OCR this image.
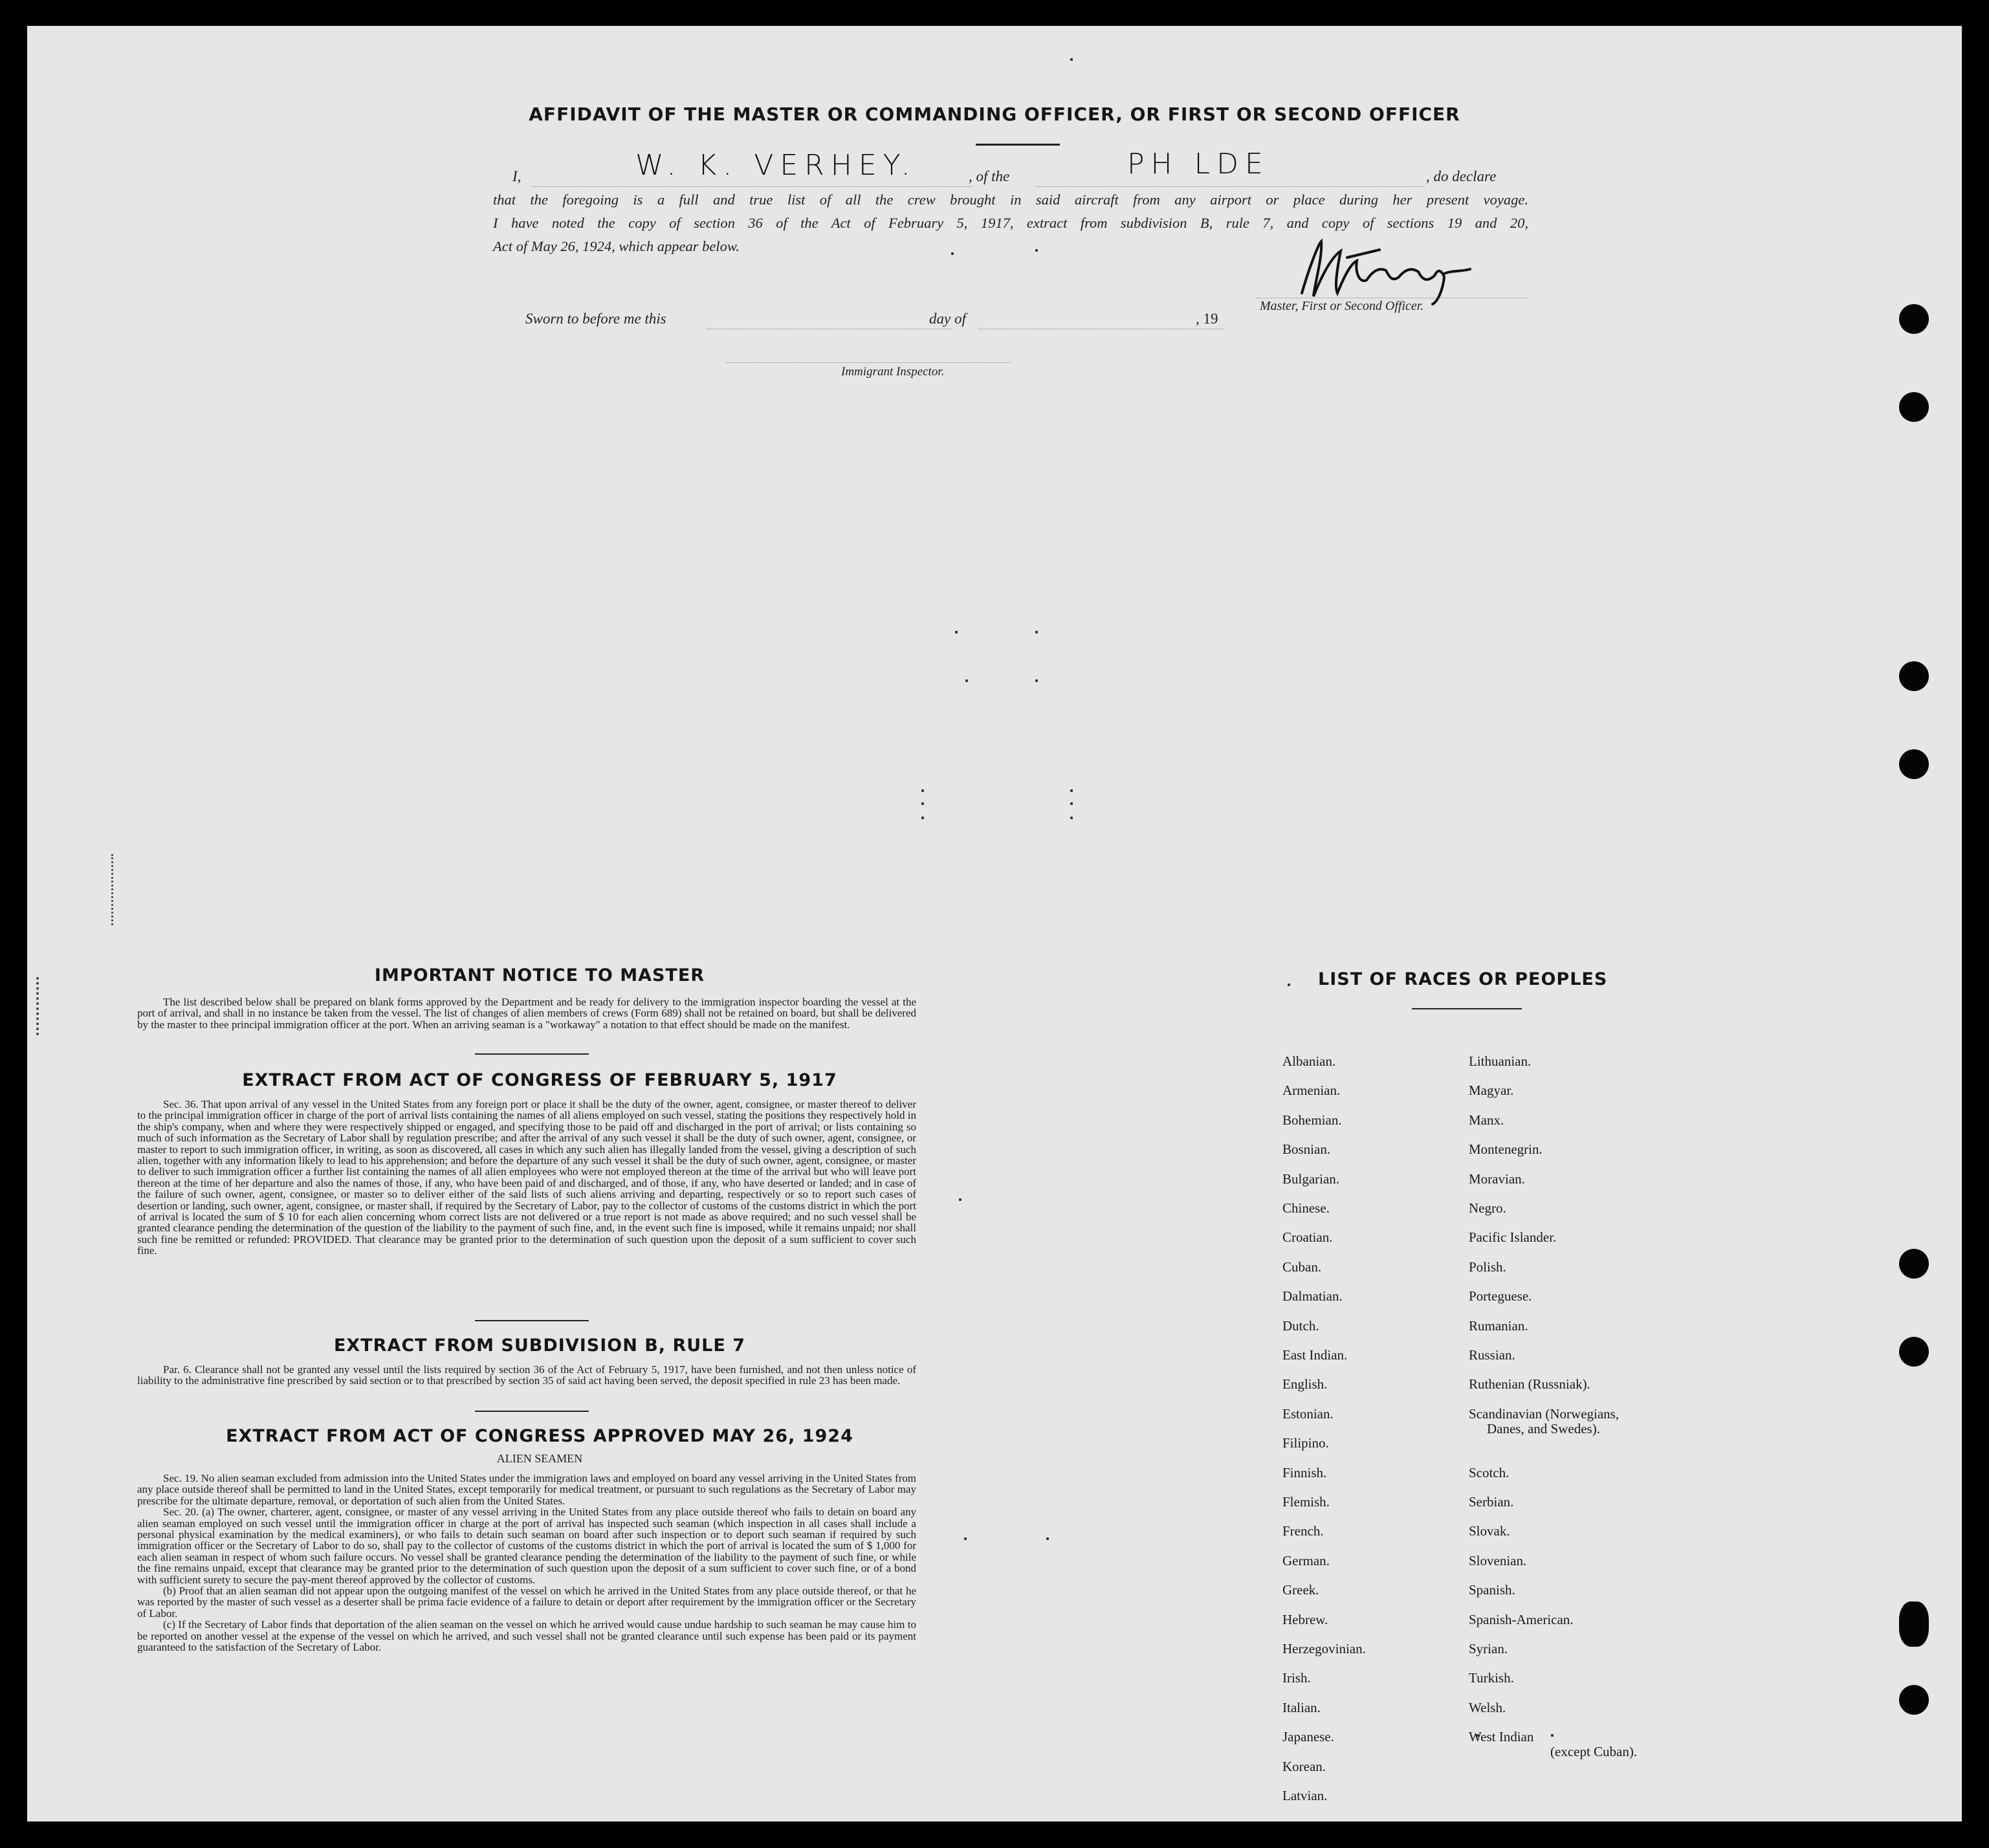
AFFIDAVIT OF THE MASTER OR COMMANDING OFFICER, OR FIRST OR SECOND OFFICER
I,	W. K. VERHEY.	, of the	PH LDE	, do declare
that the foregoing is a full and true list of all the crew brought in said aircraft from any airport or place during her present voyage.
I have noted the copy of section 36 of the Act of February 5, 1917, extract from subdivision B, rule 7, and copy of sections 19 and 20,
Act of May 26, 1924, which appear below.
Master, First or Second Officer.
Sworn to before me this	day of	, 19
Immigrant Inspector.
IMPORTANT NOTICE TO MASTER

The list described below shall be prepared on blank forms approved by the Department and be ready for delivery to the immigration inspector boarding the vessel at the port of arrival, and shall in no instance be taken from the vessel. The list of changes of alien members of crews (Form 689) shall not be retained on board, but shall be delivered by the master to thee principal immigration officer at the port. When an arriving seaman is a "workaway" a notation to that effect should be made on the manifest.

EXTRACT FROM ACT OF CONGRESS OF FEBRUARY 5, 1917

Sec. 36. That upon arrival of any vessel in the United States from any foreign port or place it shall be the duty of the owner, agent, consignee, or master thereof to deliver to the principal immigration officer in charge of the port of arrival lists containing the names of all aliens employed on such vessel, stating the positions they respectively hold in the ship's company, when and where they were respectively shipped or engaged, and specifying those to be paid off and discharged in the port of arrival; or lists containing so much of such information as the Secretary of Labor shall by regulation prescribe; and after the arrival of any such vessel it shall be the duty of such owner, agent, consignee, or master to report to such immigration officer, in writing, as soon as discovered, all cases in which any such alien has illegally landed from the vessel, giving a description of such alien, together with any information likely to lead to his apprehension; and before the departure of any such vessel it shall be the duty of such owner, agent, consignee, or master to deliver to such immigration officer a further list containing the names of all alien employees who were not employed thereon at the time of the arrival but who will leave port thereon at the time of her departure and also the names of those, if any, who have been paid of and discharged, and of those, if any, who have deserted or landed; and in case of the failure of such owner, agent, consignee, or master so to deliver either of the said lists of such aliens arriving and departing, respectively or so to report such cases of desertion or landing, such owner, agent, consignee, or master shall, if required by the Secretary of Labor, pay to the collector of customs of the customs district in which the port of arrival is located the sum of $ 10 for each alien concerning whom correct lists are not delivered or a true report is not made as above required; and no such vessel shall be granted clearance pending the determination of the question of the liability to the payment of such fine, and, in the event such fine is imposed, while it remains unpaid; nor shall such fine be remitted or refunded: PROVIDED. That clearance may be granted prior to the determination of such question upon the deposit of a sum sufficient to cover such fine.

EXTRACT FROM SUBDIVISION B, RULE 7

Par. 6. Clearance shall not be granted any vessel until the lists required by section 36 of the Act of February 5, 1917, have been furnished, and not then unless notice of liability to the administrative fine prescribed by said section or to that prescribed by section 35 of said act having been served, the deposit specified in rule 23 has been made.

EXTRACT FROM ACT OF CONGRESS APPROVED MAY 26, 1924
ALIEN SEAMEN

Sec. 19. No alien seaman excluded from admission into the United States under the immigration laws and employed on board any vessel arriving in the United States from any place outside thereof shall be permitted to land in the United States, except temporarily for medical treatment, or pursuant to such regulations as the Secretary of Labor may prescribe for the ultimate departure, removal, or deportation of such alien from the United States.

Sec. 20. (a) The owner, charterer, agent, consignee, or master of any vessel arriving in the United States from any place outside thereof who fails to detain on board any alien seaman employed on such vessel until the immigration officer in charge at the port of arrival has inspected such seaman (which inspection in all cases shall include a personal physical examination by the medical examiners), or who fails to detain such seaman on board after such inspection or to deport such seaman if required by such immigration officer or the Secretary of Labor to do so, shall pay to the collector of customs of the customs district in which the port of arrival is located the sum of $ 1,000 for each alien seaman in respect of whom such failure occurs. No vessel shall be granted clearance pending the determination of the liability to the payment of such fine, or while the fine remains unpaid, except that clearance may be granted prior to the determination of such question upon the deposit of a sum sufficient to cover such fine, or of a bond with sufficient surety to secure the pay-ment thereof approved by the collector of customs.

(b) Proof that an alien seaman did not appear upon the outgoing manifest of the vessel on which he arrived in the United States from any place outside thereof, or that he was reported by the master of such vessel as a deserter shall be prima facie evidence of a failure to detain or deport after requirement by the immigration officer or the Secretary of Labor.

(c) If the Secretary of Labor finds that deportation of the alien seaman on the vessel on which he arrived would cause undue hardship to such seaman he may cause him to be reported on another vessel at the expense of the vessel on which he arrived, and such vessel shall not be granted clearance until such expense has been paid or its payment guaranteed to the satisfaction of the Secretary of Labor.

LIST OF RACES OR PEOPLES
Albanian.
Armenian.
Bohemian.
Bosnian.
Bulgarian.
Chinese.
Croatian.
Cuban.
Dalmatian.
Dutch.
East Indian.
English.
Estonian.
Filipino.
Finnish.
Flemish.
French.
German.
Greek.
Hebrew.
Herzegovinian.
Irish.
Italian.
Japanese.
Korean.
Latvian.
Lithuanian.
Magyar.
Manx.
Montenegrin.
Moravian.
Negro.
Pacific Islander.
Polish.
Porteguese.
Rumanian.
Russian.
Ruthenian (Russniak).
Scandinavian (Norwegians,
Danes, and Swedes).
Scotch.
Serbian.
Slovak.
Slovenian.
Spanish.
Spanish-American.
Syrian.
Turkish.
Welsh.
West Indian
(except Cuban).
